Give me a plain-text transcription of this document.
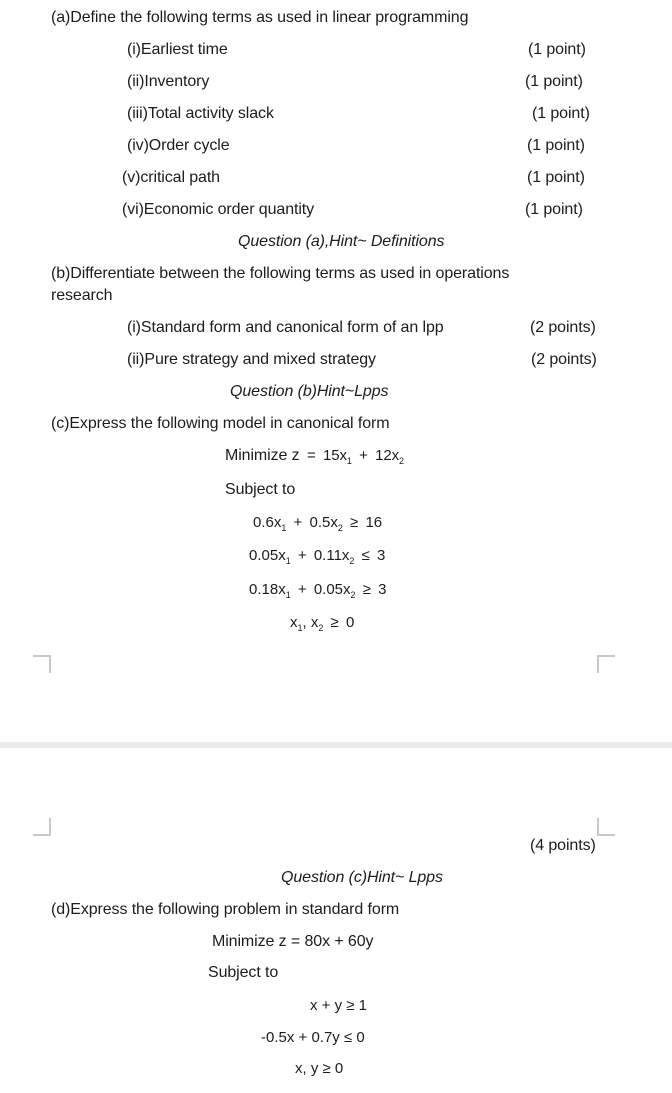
(a)Define the following terms as used in linear programming
(i)Earliest time	(1 point)
(ii)Inventory	(1 point)
(iii)Total activity slack	(1 point)
(iv)Order cycle	(1 point)
(v)critical path	(1 point)
(vi)Economic order quantity	(1 point)
Question (a),Hint~ Definitions
(b)Differentiate between the following terms as used in operations
research
(i)Standard form and canonical form of an lpp	(2 points)
(ii)Pure strategy and mixed strategy	(2 points)
Question (b)Hint~Lpps
(c)Express the following model in canonical form
Minimize $z = 15x_1 + 12x_2$
Subject to
$0.6x_1 + 0.5x_2 \ge 16$
$0.05x_1 + 0.11x_2 \le 3$
$0.18x_1 + 0.05x_2 \ge 3$
$x_1$, $x_2 \ge 0$
(4 points)
Question (c)Hint~ Lpps
(d)Express the following problem in standard form
Minimize z = 80x + 60y
Subject to
x + y ≥ 1
-0.5x + 0.7y ≤ 0
x, y ≥ 0
